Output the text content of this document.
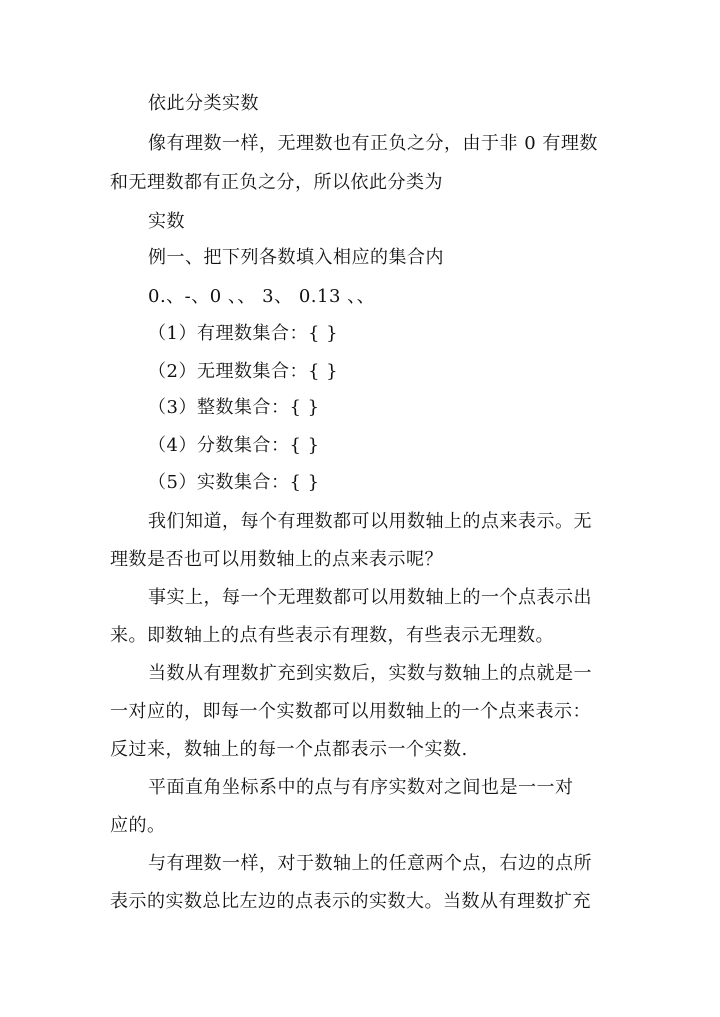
依此分类实数
像有理数一样，无理数也有正负之分，由于非 0 有理数
和无理数都有正负之分，所以依此分类为
实数
例一、把下列各数填入相应的集合内
0.、-、0 、、 3、 0.13 、、
（1）有理数集合：{ }
（2）无理数集合：{ }
（3）整数集合：{ }
（4）分数集合：{ }
（5）实数集合：{ }
我们知道，每个有理数都可以用数轴上的点来表示。无
理数是否也可以用数轴上的点来表示呢？
事实上，每一个无理数都可以用数轴上的一个点表示出
来。即数轴上的点有些表示有理数，有些表示无理数。
当数从有理数扩充到实数后，实数与数轴上的点就是一
一对应的，即每一个实数都可以用数轴上的一个点来表示：
反过来，数轴上的每一个点都表示一个实数.
平面直角坐标系中的点与有序实数对之间也是一一对
应的。
与有理数一样，对于数轴上的任意两个点，右边的点所
表示的实数总比左边的点表示的实数大。当数从有理数扩充
